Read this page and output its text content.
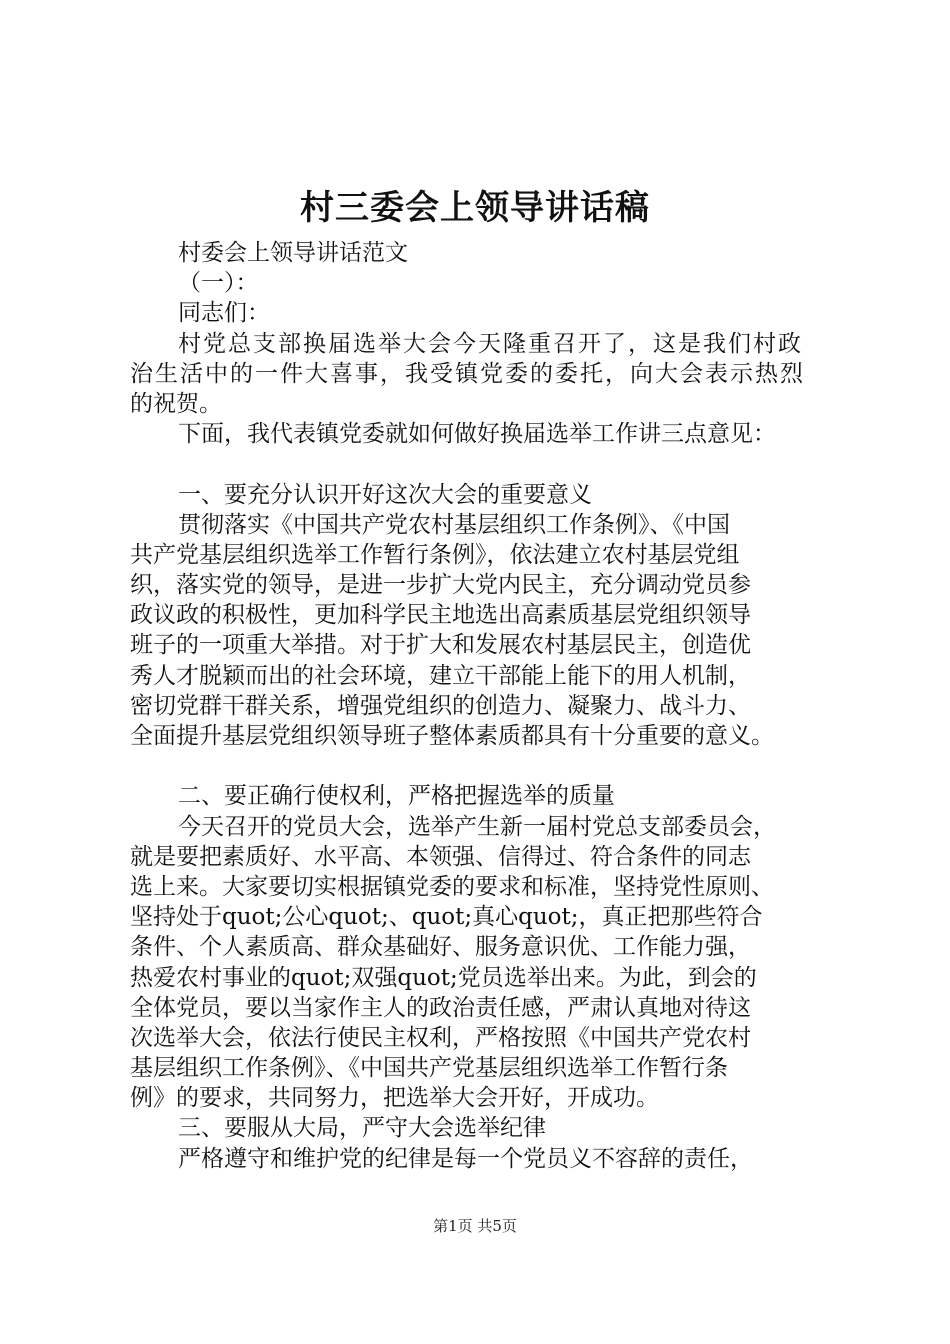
村三委会上领导讲话稿
村委会上领导讲话范文
（一）：
同志们：
村党总支部换届选举大会今天隆重召开了，这是我们村政
治生活中的一件大喜事，我受镇党委的委托，向大会表示热烈
的祝贺。
下面，我代表镇党委就如何做好换届选举工作讲三点意见：
一、要充分认识开好这次大会的重要意义
贯彻落实《中国共产党农村基层组织工作条例》、《中国
共产党基层组织选举工作暂行条例》，依法建立农村基层党组
织，落实党的领导，是进一步扩大党内民主，充分调动党员参
政议政的积极性，更加科学民主地选出高素质基层党组织领导
班子的一项重大举措。对于扩大和发展农村基层民主，创造优
秀人才脱颖而出的社会环境，建立干部能上能下的用人机制，
密切党群干群关系，增强党组织的创造力、凝聚力、战斗力、
全面提升基层党组织领导班子整体素质都具有十分重要的意义。
二、要正确行使权利，严格把握选举的质量
今天召开的党员大会，选举产生新一届村党总支部委员会，
就是要把素质好、水平高、本领强、信得过、符合条件的同志
选上来。大家要切实根据镇党委的要求和标准，坚持党性原则、
坚持处于quot;公心quot;、quot;真心quot;，真正把那些符合
条件、个人素质高、群众基础好、服务意识优、工作能力强，
热爱农村事业的quot;双强quot;党员选举出来。为此，到会的
全体党员，要以当家作主人的政治责任感，严肃认真地对待这
次选举大会，依法行使民主权利，严格按照《中国共产党农村
基层组织工作条例》、《中国共产党基层组织选举工作暂行条
例》的要求，共同努力，把选举大会开好，开成功。
三、要服从大局，严守大会选举纪律
严格遵守和维护党的纪律是每一个党员义不容辞的责任，
第1页 共5页
